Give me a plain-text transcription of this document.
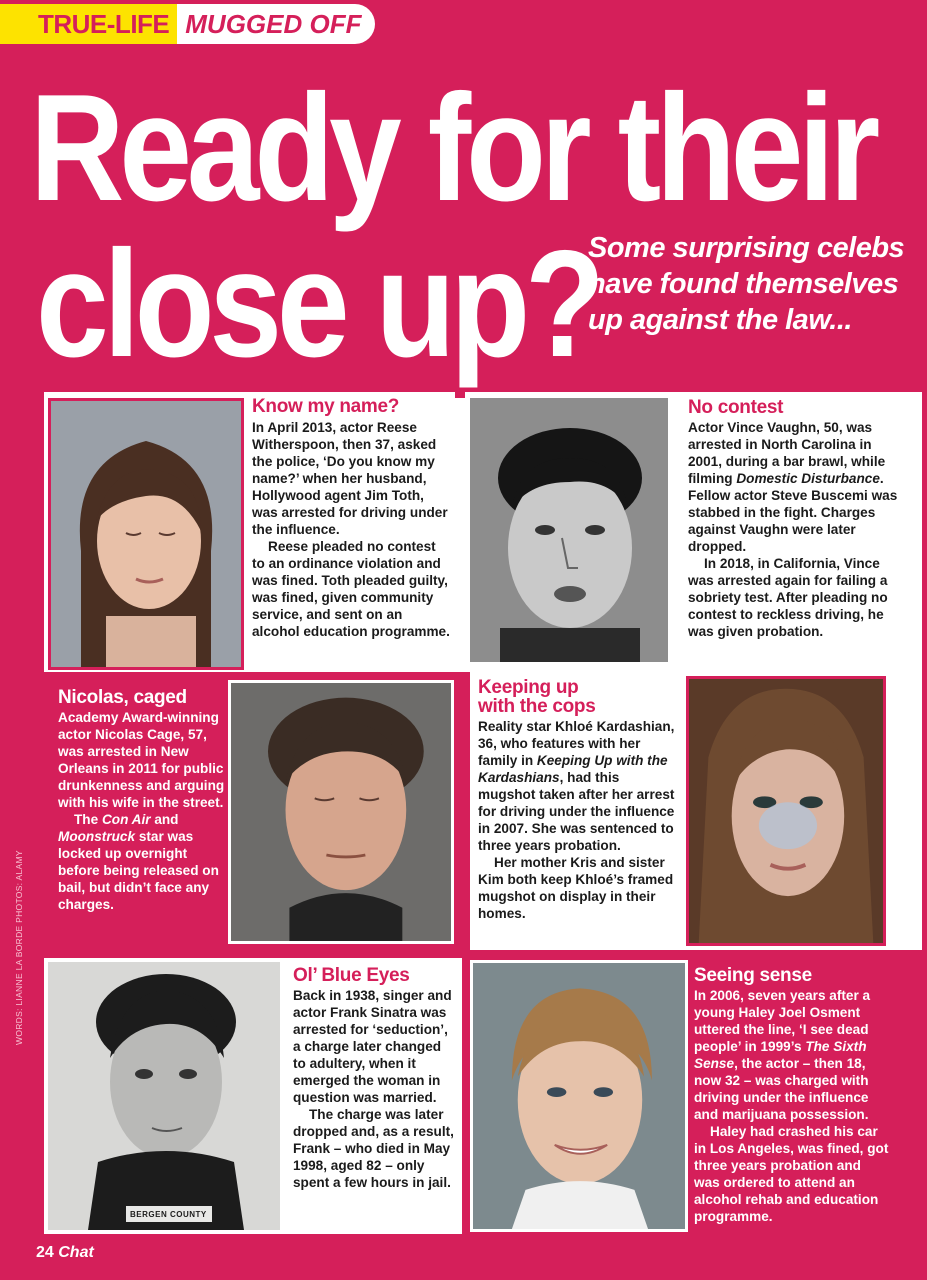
TRUE-LIFE MUGGED OFF
Ready for their
close up?
Some surprising celebs have found themselves up against the law...
Know my name?

In April 2013, actor Reese Witherspoon, then 37, asked the police, ‘Do you know my name?’ when her husband, Hollywood agent Jim Toth, was arrested for driving under the influence.

Reese pleaded no contest to an ordinance violation and was fined. Toth pleaded guilty, was fined, given community service, and sent on an alcohol education programme.

No contest

Actor Vince Vaughn, 50, was arrested in North Carolina in 2001, during a bar brawl, while filming Domestic Disturbance. Fellow actor Steve Buscemi was stabbed in the fight. Charges against Vaughn were later dropped.

In 2018, in California, Vince was arrested again for failing a sobriety test. After pleading no contest to reckless driving, he was given probation.

Nicolas, caged

Academy Award-winning actor Nicolas Cage, 57, was arrested in New Orleans in 2011 for public drunkenness and arguing with his wife in the street.

The Con Air and Moonstruck star was locked up overnight before being released on bail, but didn’t face any charges.

Keeping up
with the cops

Reality star Khloé Kardashian, 36, who features with her family in Keeping Up with the Kardashians, had this mugshot taken after her arrest for driving under the influence in 2007. She was sentenced to three years probation.

Her mother Kris and sister Kim both keep Khloé’s framed mugshot on display in their homes.

BERGEN COUNTY
Ol’ Blue Eyes

Back in 1938, singer and actor Frank Sinatra was arrested for ‘seduction’, a charge later changed to adultery, when it emerged the woman in question was married.

The charge was later dropped and, as a result, Frank – who died in May 1998, aged 82 – only spent a few hours in jail.

Seeing sense

In 2006, seven years after a young Haley Joel Osment uttered the line, ‘I see dead people’ in 1999’s The Sixth Sense, the actor – then 18, now 32 – was charged with driving under the influence and marijuana possession.

Haley had crashed his car in Los Angeles, was fined, got three years probation and was ordered to attend an alcohol rehab and education programme.

WORDS: LIANNE LA BORDE PHOTOS: ALAMY
24 Chat
